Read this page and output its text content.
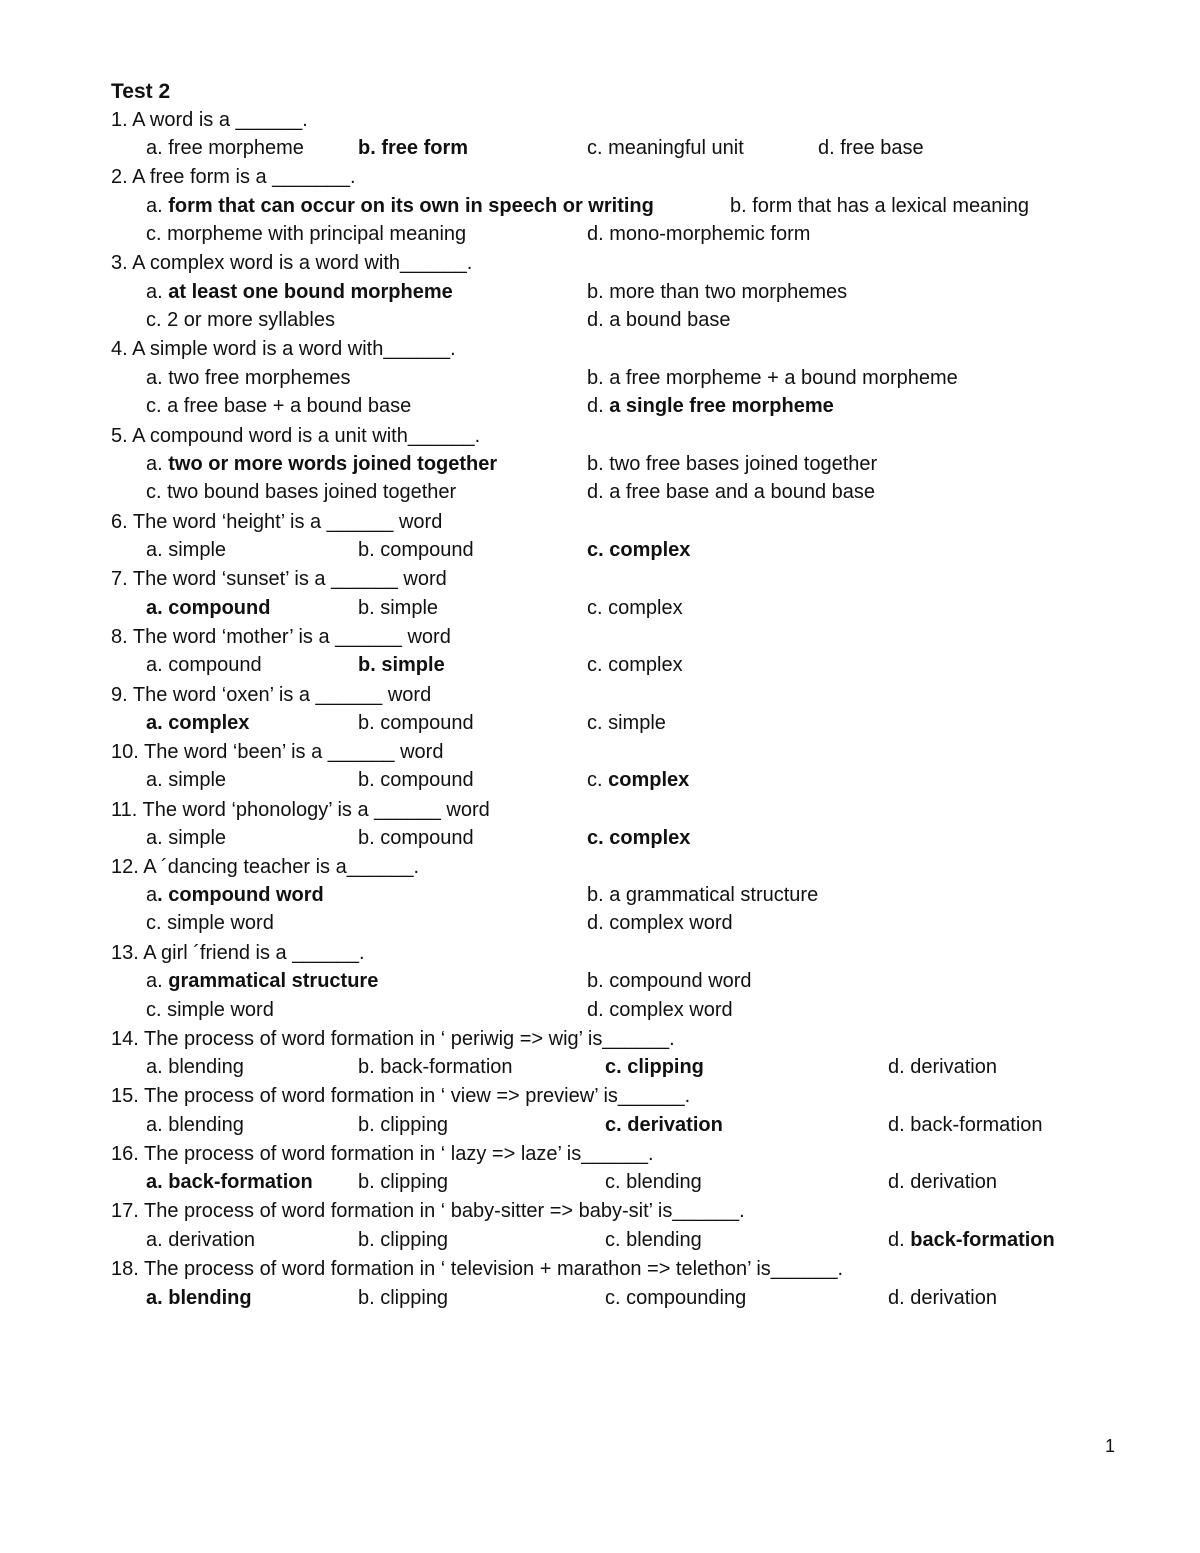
Test 2
1. A word is a ______.
a. free morpheme	b. free form	c. meaningful unit	d. free base
2. A free form is a _______.
a. form that can occur on its own in speech or writing	b. form that has a lexical meaning
c. morpheme with principal meaning	d. mono-morphemic form
3. A complex word is a word with______.
a. at least one bound morpheme	b. more than two morphemes
c. 2 or more syllables	d. a bound base
4. A simple word is a word with______.
a. two free morphemes	b. a free morpheme + a bound morpheme
c. a free base + a bound base	d. a single free morpheme
5. A compound word is a unit with______.
a. two or more words joined together	b. two free bases joined together
c. two bound bases joined together	d. a free base and a bound base
6. The word ‘height’ is a ______ word
a. simple	b. compound	c. complex
7. The word ‘sunset’ is a ______ word
a. compound	b. simple	c. complex
8. The word ‘mother’ is a ______ word
a. compound	b. simple	c. complex
9. The word ‘oxen’ is a ______ word
a. complex	b. compound	c. simple
10. The word ‘been’ is a ______ word
a. simple	b. compound	c. complex
11. The word ‘phonology’ is a ______ word
a. simple	b. compound	c. complex
12. A ´dancing teacher is a______.
a. compound word	b. a grammatical structure
c. simple word	d. complex word
13. A girl ´friend is a ______.
a. grammatical structure	b. compound word
c. simple word	d. complex word
14. The process of word formation in ‘ periwig => wig’ is______.
a. blending	b. back-formation	c. clipping	d. derivation
15. The process of word formation in ‘ view => preview’ is______.
a. blending	b. clipping	c. derivation	d. back-formation
16. The process of word formation in ‘ lazy => laze’ is______.
a. back-formation b. clipping	c. blending	d. derivation
17. The process of word formation in ‘ baby-sitter => baby-sit’ is______.
a. derivation	b. clipping	c. blending	d. back-formation
18. The process of word formation in ‘ television + marathon => telethon’ is______.
a. blending	b. clipping	c. compounding	d. derivation
1
